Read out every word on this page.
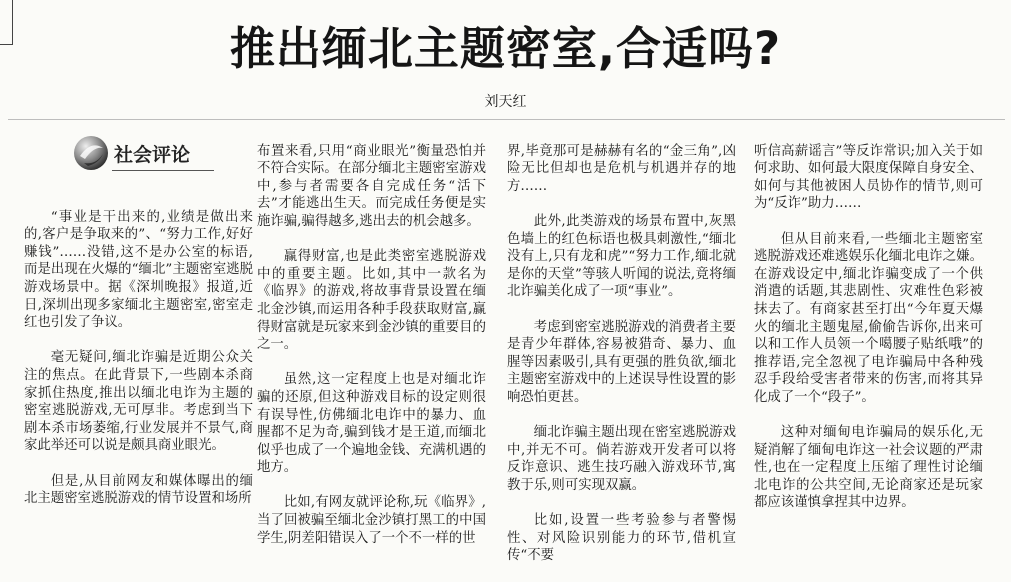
推出缅北主题密室,合适吗?
刘天红
社会评论

“事业是干出来的,业绩是做出来的,客户是争取来的”、“努力工作,好好赚钱”……没错,这不是办公室的标语,而是出现在火爆的“缅北”主题密室逃脱游戏场景中。据《深圳晚报》报道,近日,深圳出现多家缅北主题密室,密室走红也引发了争议。

毫无疑问,缅北诈骗是近期公众关注的焦点。在此背景下,一些剧本杀商家抓住热度,推出以缅北电诈为主题的密室逃脱游戏,无可厚非。考虑到当下剧本杀市场萎缩,行业发展并不景气,商家此举还可以说是颇具商业眼光。

但是,从目前网友和媒体曝出的缅北主题密室逃脱游戏的情节设置和场所

布置来看,只用“商业眼光”衡量恐怕并不符合实际。在部分缅北主题密室游戏中,参与者需要各自完成任务“活下去”才能逃出生天。而完成任务便是实施诈骗,骗得越多,逃出去的机会越多。

赢得财富,也是此类密室逃脱游戏中的重要主题。比如,其中一款名为《临界》的游戏,将故事背景设置在缅北金沙镇,而运用各种手段获取财富,赢得财富就是玩家来到金沙镇的重要目的之一。

虽然,这一定程度上也是对缅北诈骗的还原,但这种游戏目标的设定则很有误导性,仿佛缅北电诈中的暴力、血腥都不足为奇,骗到钱才是王道,而缅北似乎也成了一个遍地金钱、充满机遇的地方。

比如,有网友就评论称,玩《临界》,当了回被骗至缅北金沙镇打黑工的中国学生,阴差阳错误入了一个不一样的世

界,毕竟那可是赫赫有名的“金三角”,凶险无比但却也是危机与机遇并存的地方……

此外,此类游戏的场景布置中,灰黑色墙上的红色标语也极具刺激性,“缅北没有上,只有龙和虎”“努力工作,缅北就是你的天堂”等骇人听闻的说法,竟将缅北诈骗美化成了一项“事业”。

考虑到密室逃脱游戏的消费者主要是青少年群体,容易被猎奇、暴力、血腥等因素吸引,具有更强的胜负欲,缅北主题密室游戏中的上述误导性设置的影响恐怕更甚。

缅北诈骗主题出现在密室逃脱游戏中,并无不可。倘若游戏开发者可以将反诈意识、逃生技巧融入游戏环节,寓教于乐,则可实现双赢。

比如,设置一些考验参与者警惕性、对风险识别能力的环节,借机宣传“不要

听信高薪谣言”等反诈常识;加入关于如何求助、如何最大限度保障自身安全、如何与其他被困人员协作的情节,则可为“反诈”助力……

但从目前来看,一些缅北主题密室逃脱游戏还难逃娱乐化缅北电诈之嫌。在游戏设定中,缅北诈骗变成了一个供消遣的话题,其悲剧性、灾难性色彩被抹去了。有商家甚至打出“今年夏天爆火的缅北主题鬼屋,偷偷告诉你,出来可以和工作人员领一个噶腰子贴纸哦”的推荐语,完全忽视了电诈骗局中各种残忍手段给受害者带来的伤害,而将其异化成了一个“段子”。

这种对缅甸电诈骗局的娱乐化,无疑消解了缅甸电诈这一社会议题的严肃性,也在一定程度上压缩了理性讨论缅北电诈的公共空间,无论商家还是玩家都应该谨慎拿捏其中边界。
